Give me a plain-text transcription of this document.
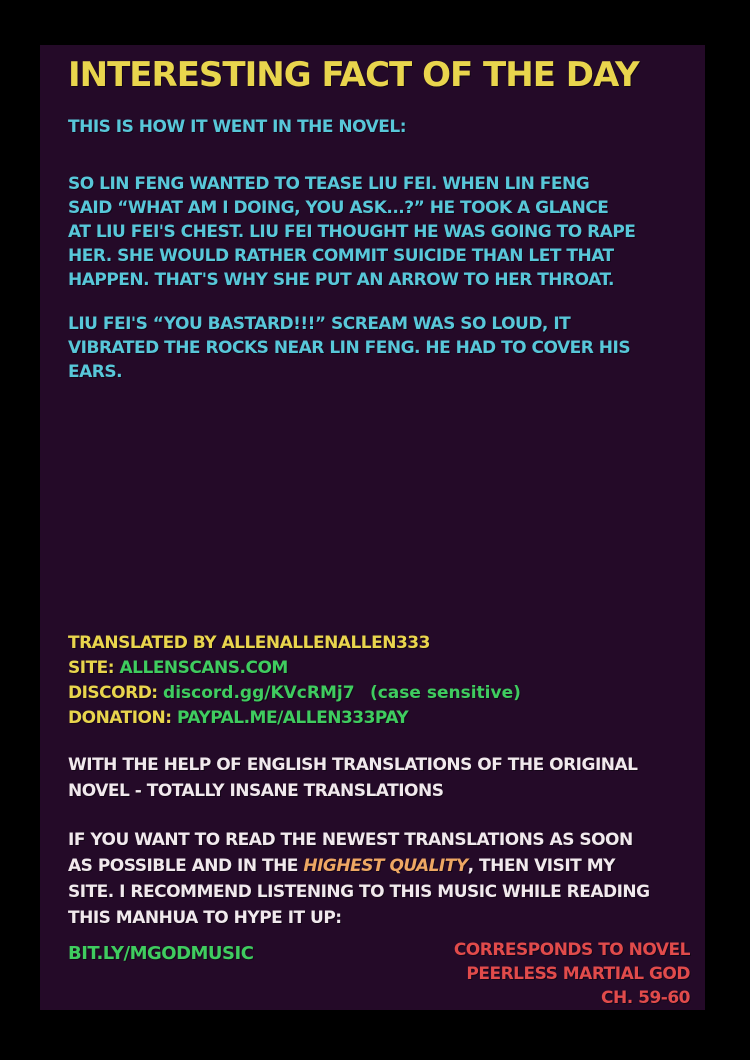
INTERESTING FACT OF THE DAY
THIS IS HOW IT WENT IN THE NOVEL:
SO LIN FENG WANTED TO TEASE LIU FEI. WHEN LIN FENG
SAID “WHAT AM I DOING, YOU ASK...?” HE TOOK A GLANCE
AT LIU FEI'S CHEST. LIU FEI THOUGHT HE WAS GOING TO RAPE
HER. SHE WOULD RATHER COMMIT SUICIDE THAN LET THAT
HAPPEN. THAT'S WHY SHE PUT AN ARROW TO HER THROAT.
LIU FEI'S “YOU BASTARD!!!” SCREAM WAS SO LOUD, IT
VIBRATED THE ROCKS NEAR LIN FENG. HE HAD TO COVER HIS
EARS.
TRANSLATED BY ALLENALLENALLEN333
SITE: ALLENSCANS.COM
DISCORD: discord.gg/KVcRMj7 (case sensitive)
DONATION: PAYPAL.ME/ALLEN333PAY
WITH THE HELP OF ENGLISH TRANSLATIONS OF THE ORIGINAL
NOVEL - TOTALLY INSANE TRANSLATIONS
IF YOU WANT TO READ THE NEWEST TRANSLATIONS AS SOON
AS POSSIBLE AND IN THE HIGHEST QUALITY, THEN VISIT MY
SITE. I RECOMMEND LISTENING TO THIS MUSIC WHILE READING
THIS MANHUA TO HYPE IT UP:
BIT.LY/MGODMUSIC	CORRESPONDS TO NOVEL
PEERLESS MARTIAL GOD
CH. 59-60
